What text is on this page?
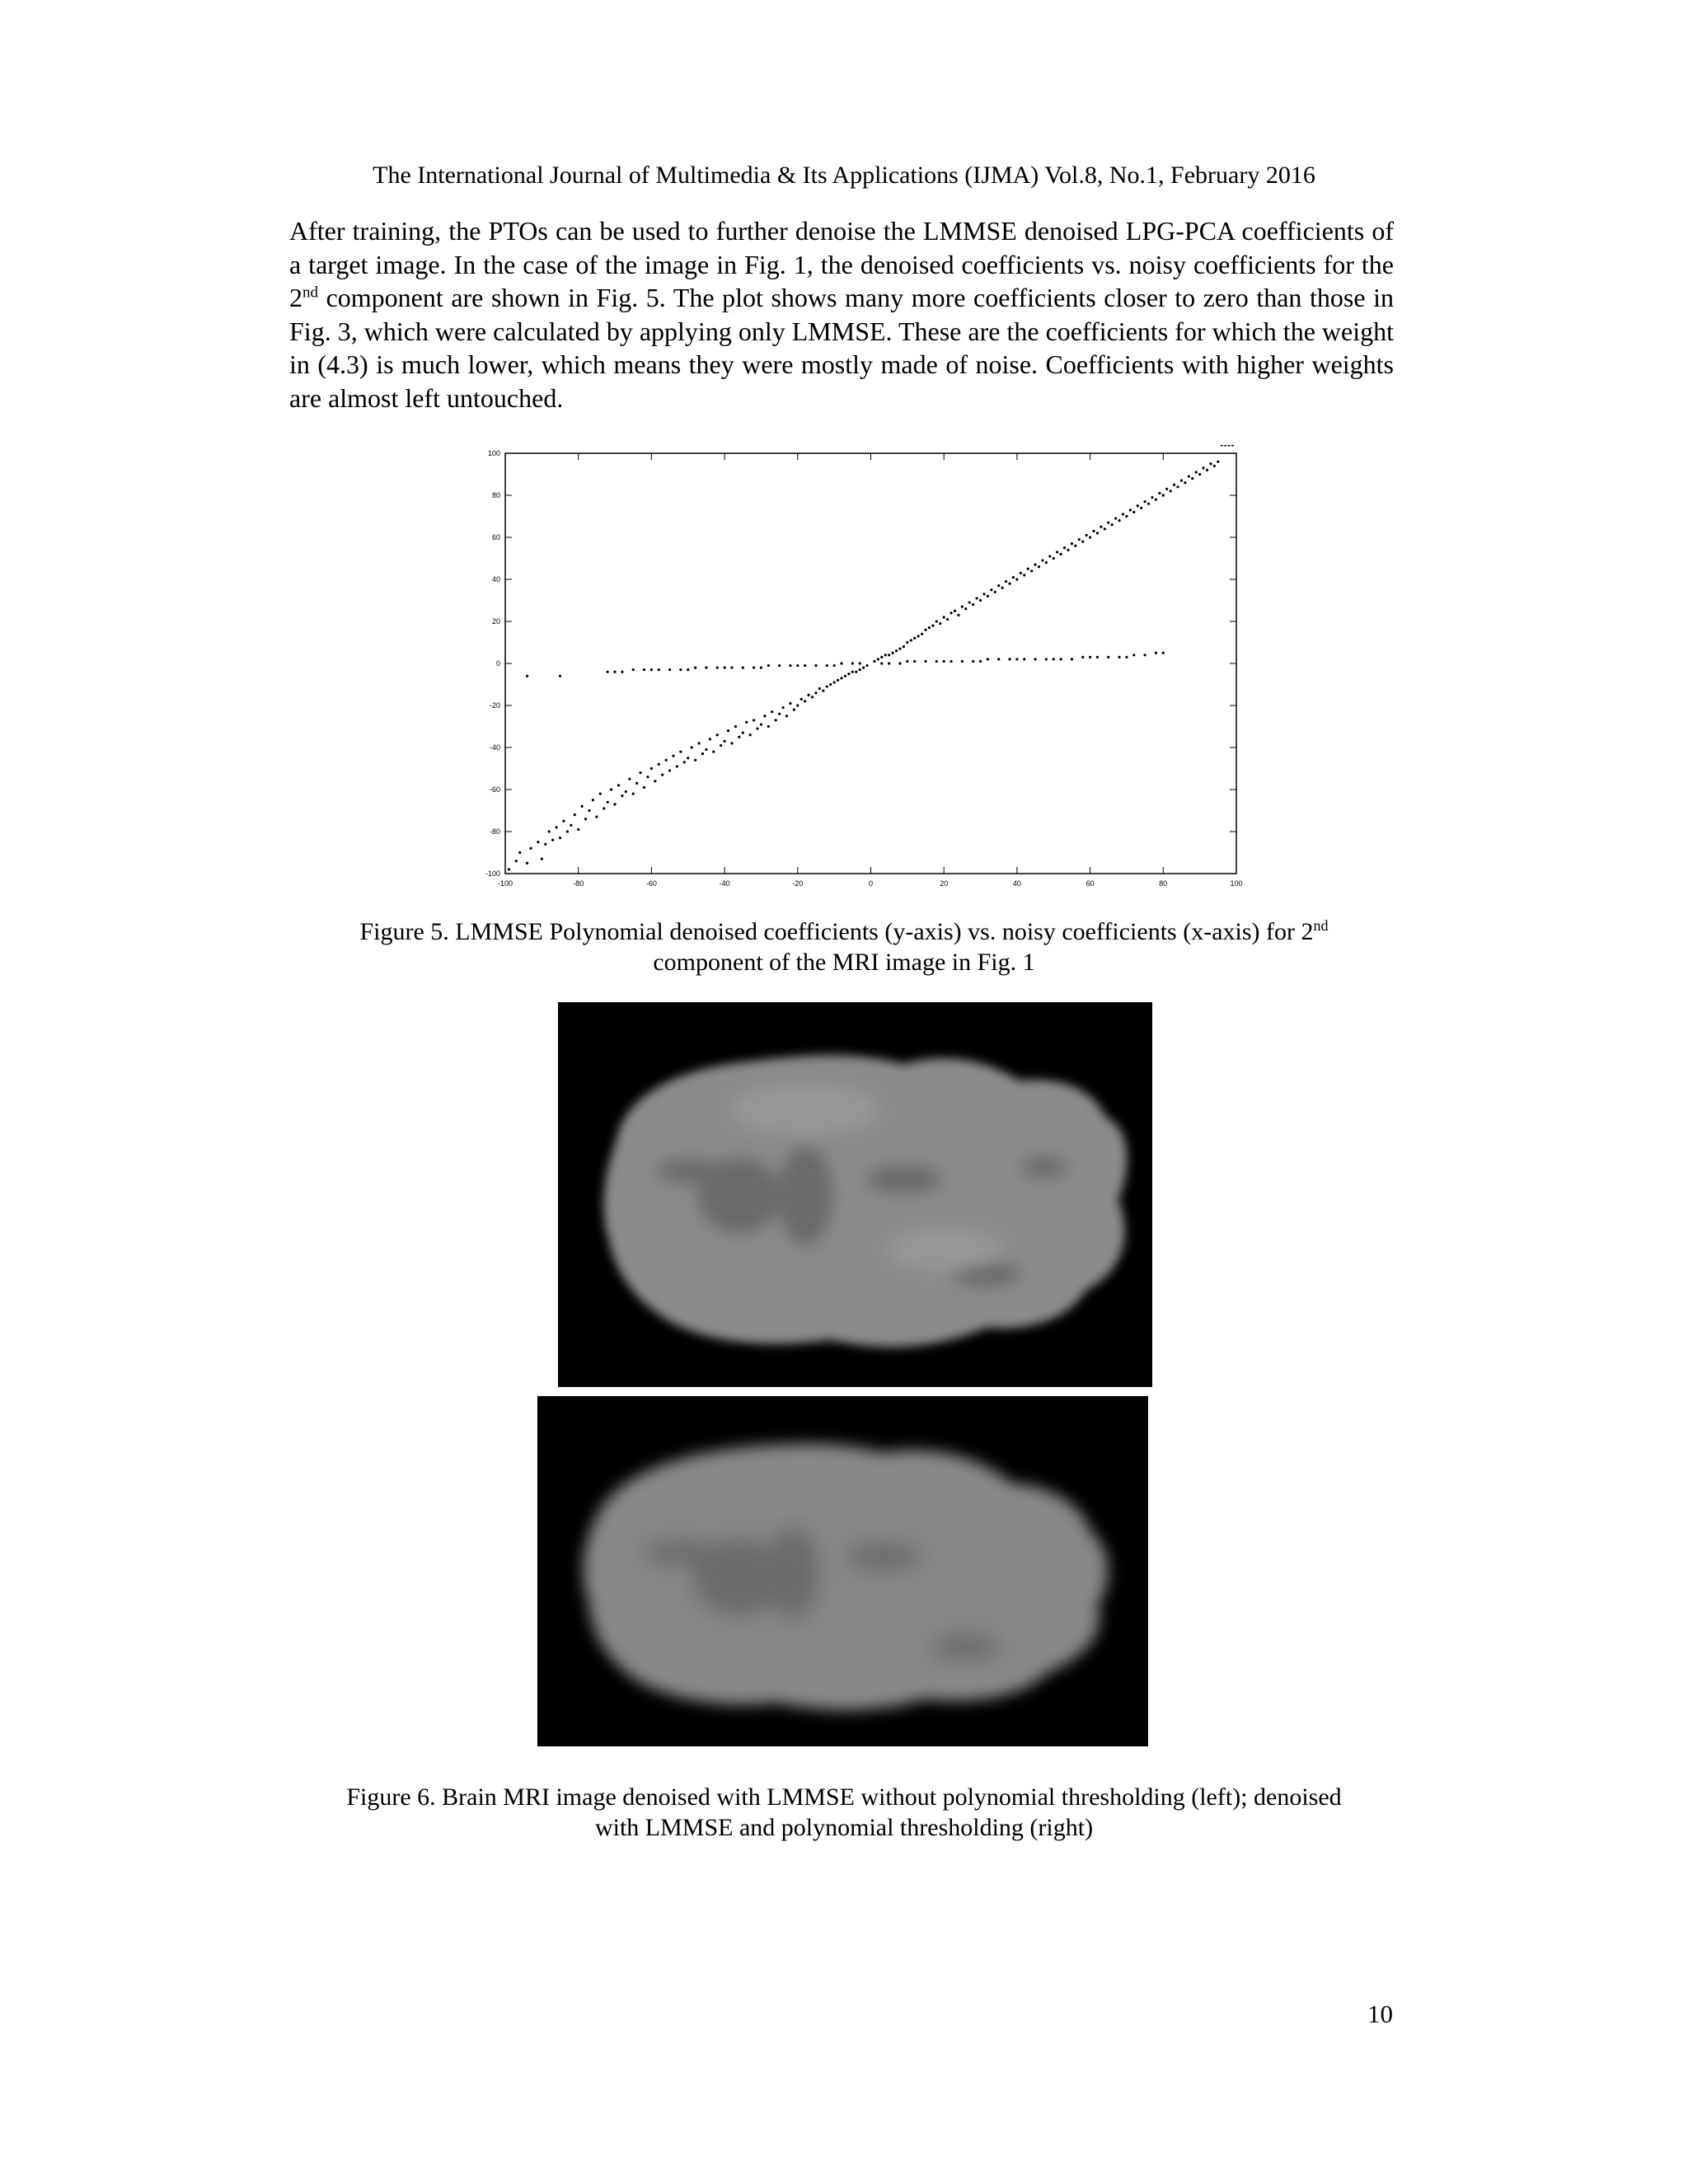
The International Journal of Multimedia & Its Applications (IJMA) Vol.8, No.1, February 2016
After training, the PTOs can be used to further denoise the LMMSE denoised LPG-PCA coefficients of a target image. In the case of the image in Fig. 1, the denoised coefficients vs. noisy coefficients for the 2nd component are shown in Fig. 5. The plot shows many more coefficients closer to zero than those in Fig. 3, which were calculated by applying only LMMSE. These are the coefficients for which the weight in (4.3) is much lower, which means they were mostly made of noise. Coefficients with higher weights are almost left untouched.
-100	-80	-60	-40	-20	0	20	40	60	80	100
-100
-80
-60
-40
-20
0
20
40
60
80
100
Figure 5. LMMSE Polynomial denoised coefficients (y-axis) vs. noisy coefficients (x-axis) for 2nd
component of the MRI image in Fig. 1
Figure 6. Brain MRI image denoised with LMMSE without polynomial thresholding (left); denoised
with LMMSE and polynomial thresholding (right)
10
